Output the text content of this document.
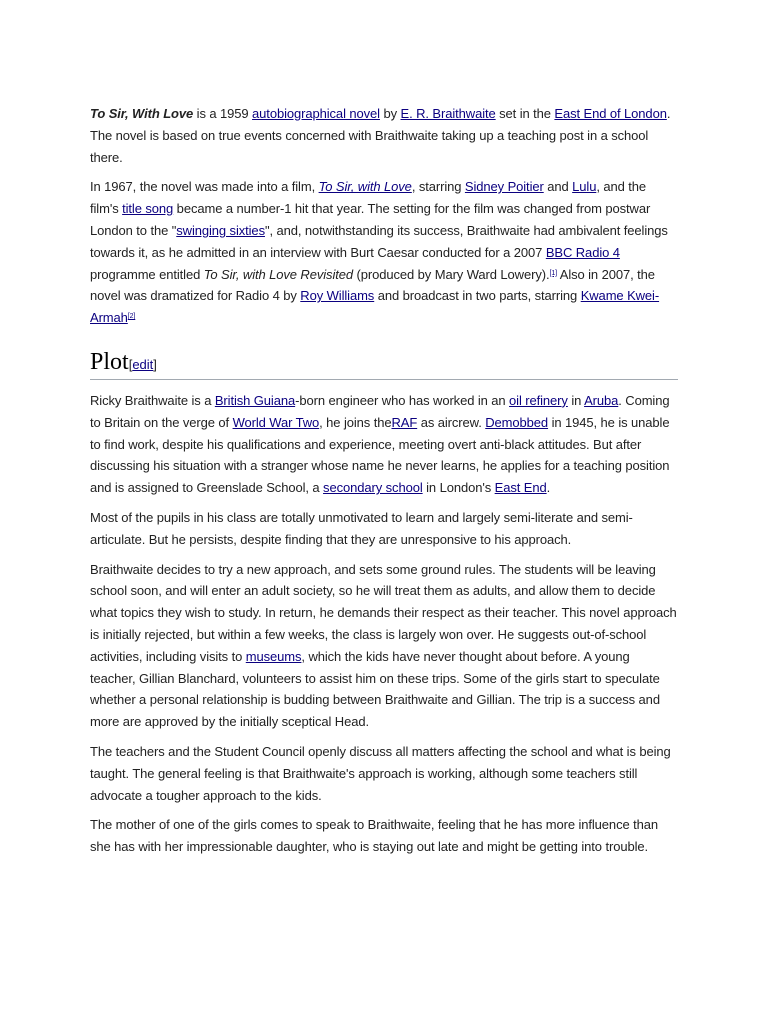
To Sir, With Love is a 1959 autobiographical novel by E. R. Braithwaite set in the East End of London. The novel is based on true events concerned with Braithwaite taking up a teaching post in a school there.

In 1967, the novel was made into a film, To Sir, with Love, starring Sidney Poitier and Lulu, and the film's title song became a number-1 hit that year. The setting for the film was changed from postwar London to the "swinging sixties", and, notwithstanding its success, Braithwaite had ambivalent feelings towards it, as he admitted in an interview with Burt Caesar conducted for a 2007 BBC Radio 4 programme entitled To Sir, with Love Revisited (produced by Mary Ward Lowery).[1] Also in 2007, the novel was dramatized for Radio 4 by Roy Williams and broadcast in two parts, starring Kwame Kwei-Armah[2]

Plot[edit]

Ricky Braithwaite is a British Guiana-born engineer who has worked in an oil refinery in Aruba. Coming to Britain on the verge of World War Two, he joins theRAF as aircrew. Demobbed in 1945, he is unable to find work, despite his qualifications and experience, meeting overt anti-black attitudes. But after discussing his situation with a stranger whose name he never learns, he applies for a teaching position and is assigned to Greenslade School, a secondary school in London's East End.

Most of the pupils in his class are totally unmotivated to learn and largely semi-literate and semi-articulate. But he persists, despite finding that they are unresponsive to his approach.

Braithwaite decides to try a new approach, and sets some ground rules. The students will be leaving school soon, and will enter an adult society, so he will treat them as adults, and allow them to decide what topics they wish to study. In return, he demands their respect as their teacher. This novel approach is initially rejected, but within a few weeks, the class is largely won over. He suggests out-of-school activities, including visits to museums, which the kids have never thought about before. A young teacher, Gillian Blanchard, volunteers to assist him on these trips. Some of the girls start to speculate whether a personal relationship is budding between Braithwaite and Gillian. The trip is a success and more are approved by the initially sceptical Head.

The teachers and the Student Council openly discuss all matters affecting the school and what is being taught. The general feeling is that Braithwaite's approach is working, although some teachers still advocate a tougher approach to the kids.

The mother of one of the girls comes to speak to Braithwaite, feeling that he has more influence than she has with her impressionable daughter, who is staying out late and might be getting into trouble.
